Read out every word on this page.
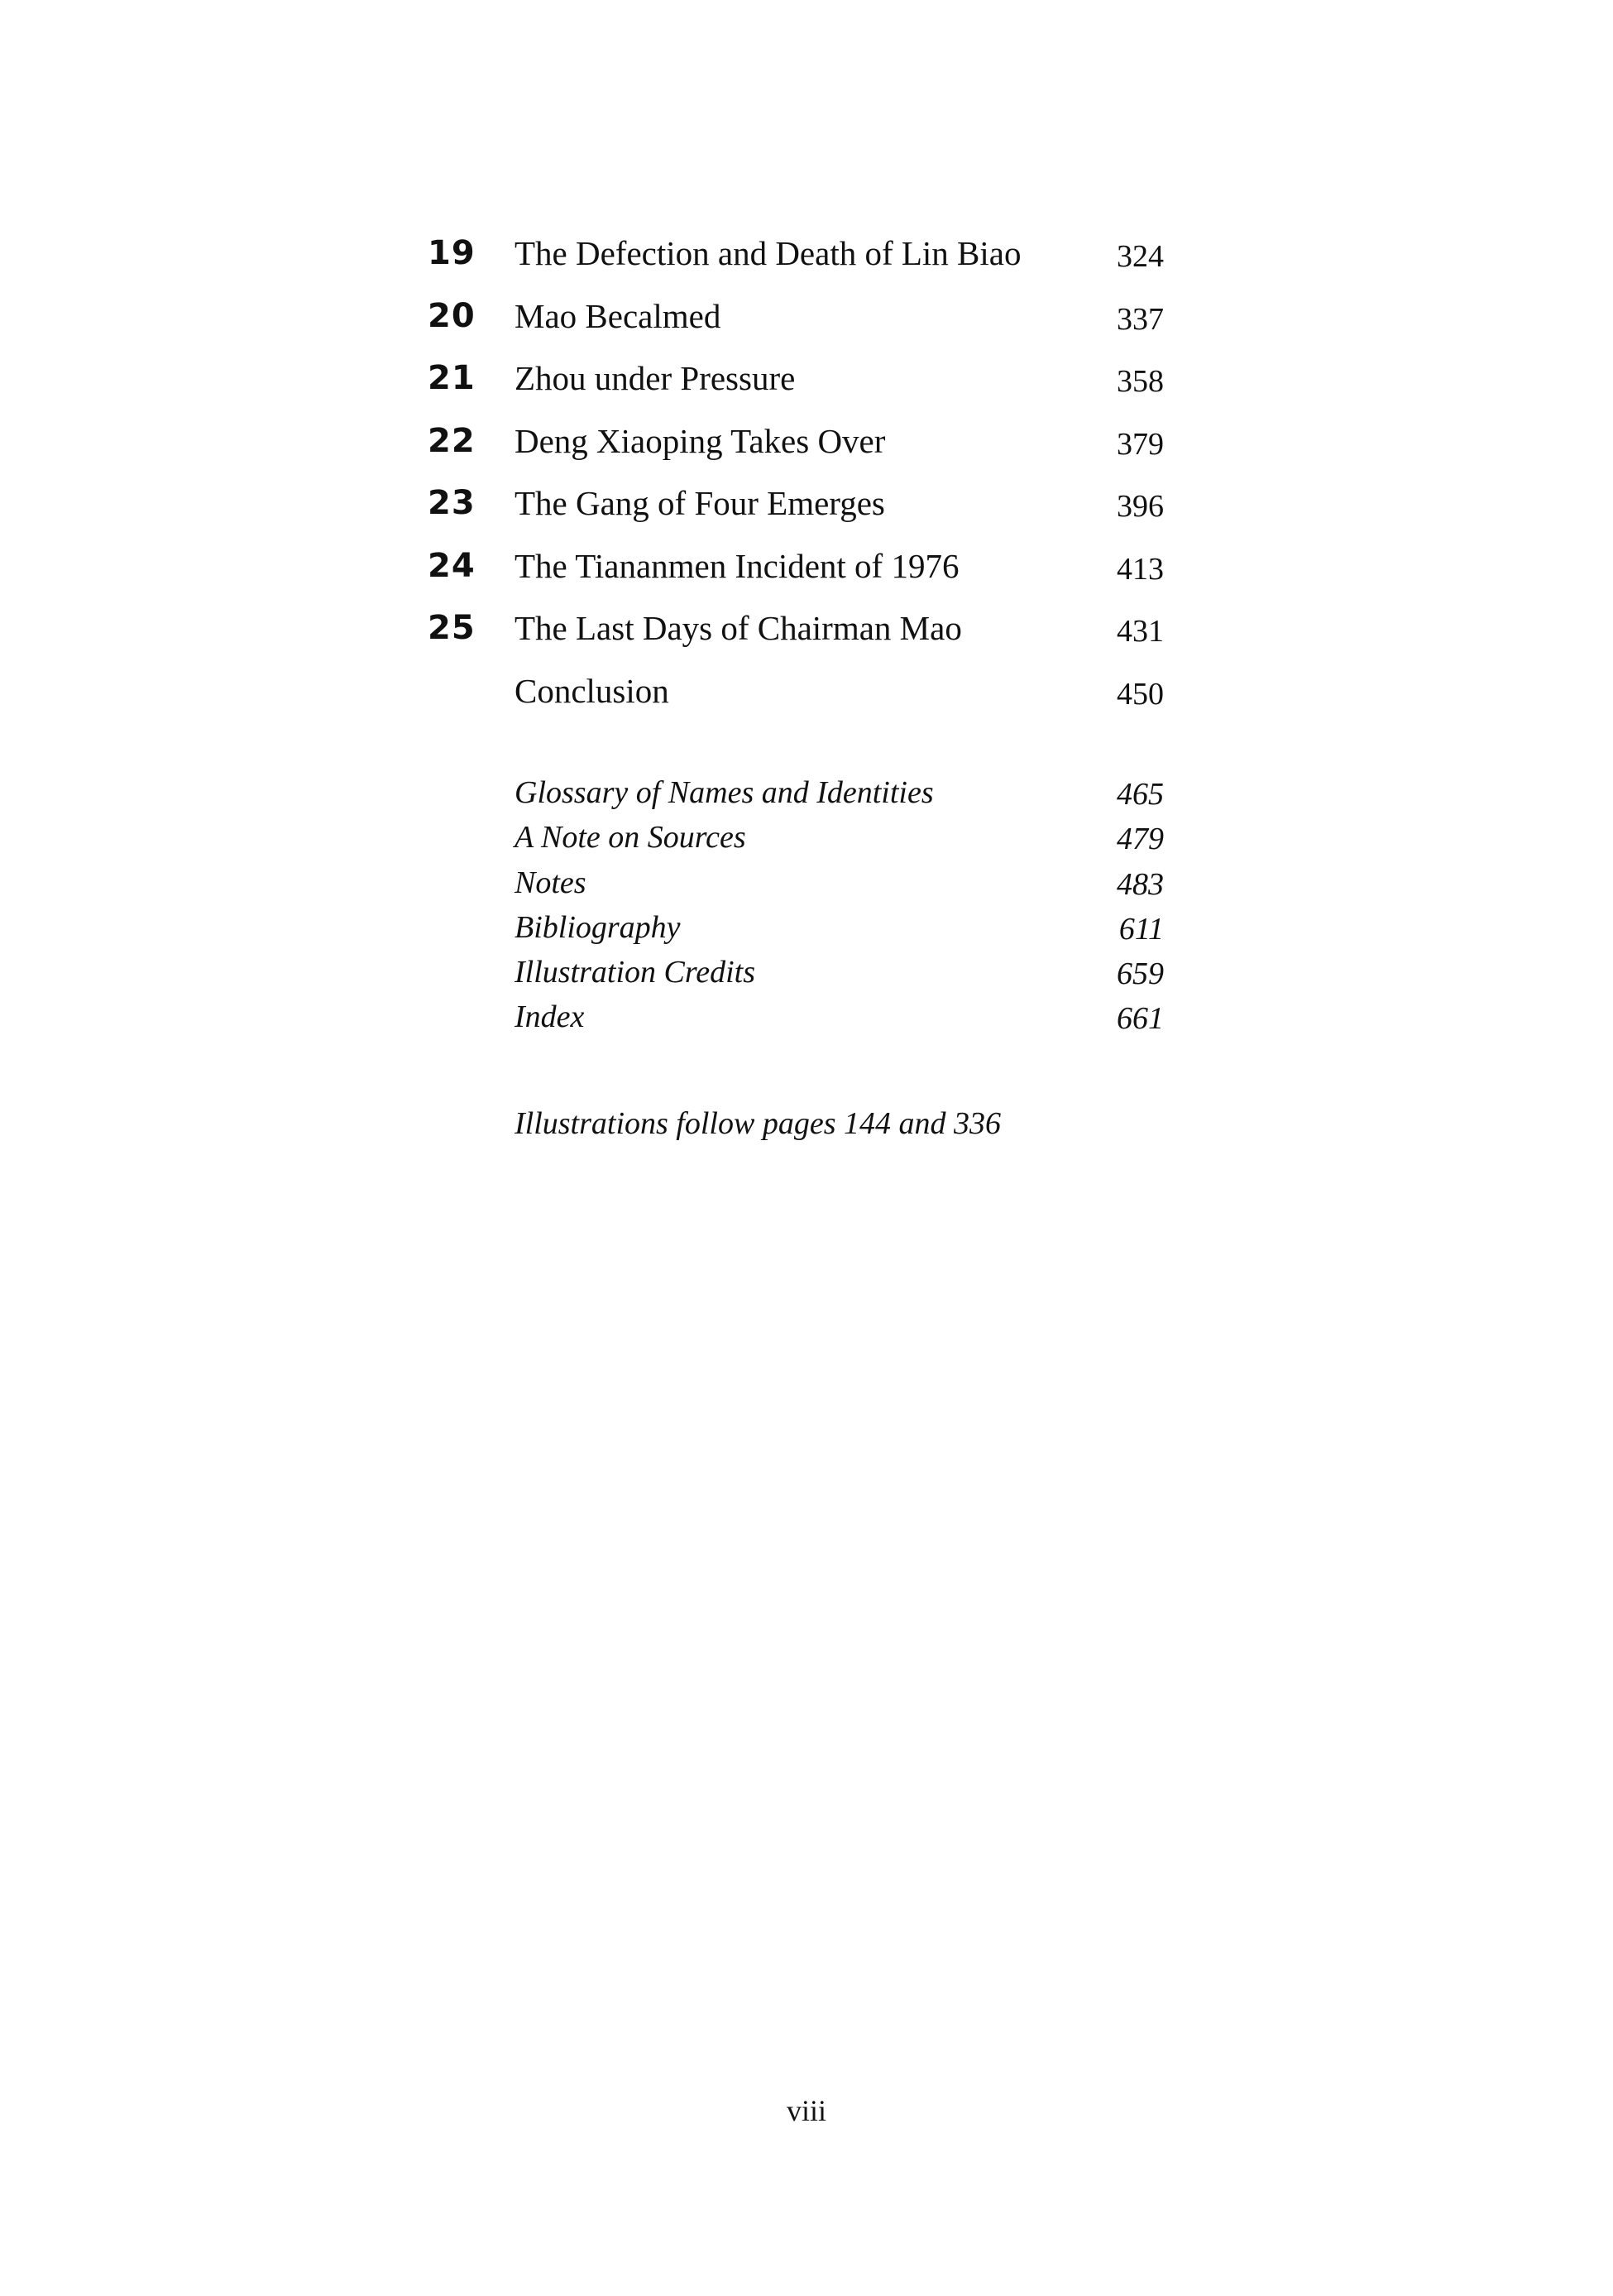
19 The Defection and Death of Lin Biao	324
20 Mao Becalmed	337
21 Zhou under Pressure	358
22 Deng Xiaoping Takes Over	379
23 The Gang of Four Emerges	396
24 The Tiananmen Incident of 1976	413
25 The Last Days of Chairman Mao	431
Conclusion	450
Glossary of Names and Identities	465
A Note on Sources	479
Notes	483
Bibliography	611
Illustration Credits	659
Index	661
Illustrations follow pages 144 and 336
viii
